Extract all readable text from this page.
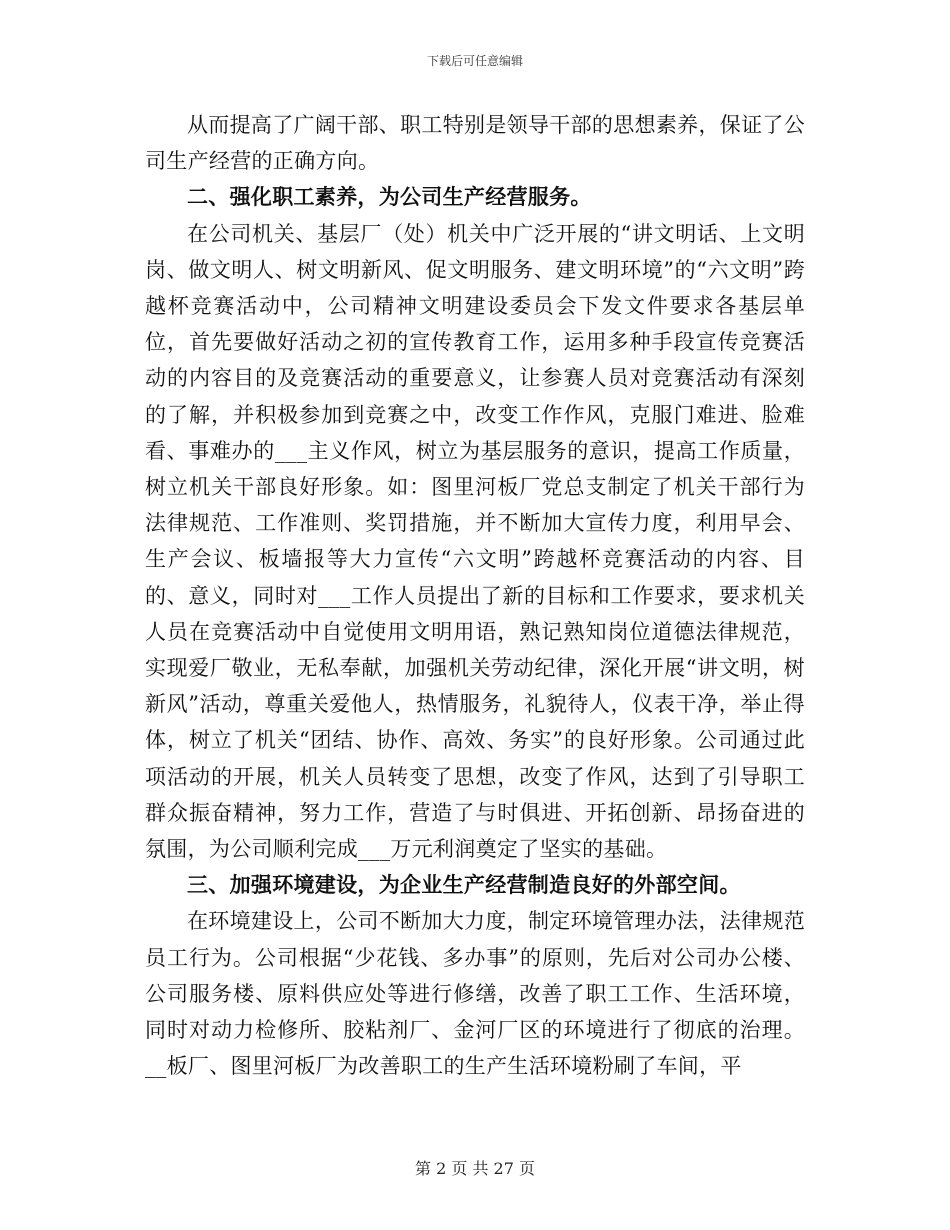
下载后可任意编辑

从而提高了广阔干部、职工特别是领导干部的思想素养，保证了公司生产经营的正确方向。

二、强化职工素养，为公司生产经营服务。

在公司机关、基层厂（处）机关中广泛开展的“讲文明话、上文明岗、做文明人、树文明新风、促文明服务、建文明环境”的“六文明”跨越杯竞赛活动中，公司精神文明建设委员会下发文件要求各基层单位，首先要做好活动之初的宣传教育工作，运用多种手段宣传竞赛活动的内容目的及竞赛活动的重要意义，让参赛人员对竞赛活动有深刻的了解，并积极参加到竞赛之中，改变工作作风，克服门难进、脸难看、事难办的___主义作风，树立为基层服务的意识，提高工作质量，树立机关干部良好形象。如：图里河板厂党总支制定了机关干部行为法律规范、工作准则、奖罚措施，并不断加大宣传力度，利用早会、生产会议、板墙报等大力宣传“六文明”跨越杯竞赛活动的内容、目的、意义，同时对___工作人员提出了新的目标和工作要求，要求机关人员在竞赛活动中自觉使用文明用语，熟记熟知岗位道德法律规范，实现爱厂敬业，无私奉献，加强机关劳动纪律，深化开展“讲文明，树新风”活动，尊重关爱他人，热情服务，礼貌待人，仪表干净，举止得体，树立了机关“团结、协作、高效、务实”的良好形象。公司通过此项活动的开展，机关人员转变了思想，改变了作风，达到了引导职工群众振奋精神，努力工作，营造了与时俱进、开拓创新、昂扬奋进的氛围，为公司顺利完成___万元利润奠定了坚实的基础。

三、加强环境建设，为企业生产经营制造良好的外部空间。

在环境建设上，公司不断加大力度，制定环境管理办法，法律规范员工行为。公司根据“少花钱、多办事”的原则，先后对公司办公楼、公司服务楼、原料供应处等进行修缮，改善了职工工作、生活环境，同时对动力检修所、胶粘剂厂、金河厂区的环境进行了彻底的治理。__板厂、图里河板厂为改善职工的生产生活环境粉刷了车间，平

第 2 页 共 27 页
